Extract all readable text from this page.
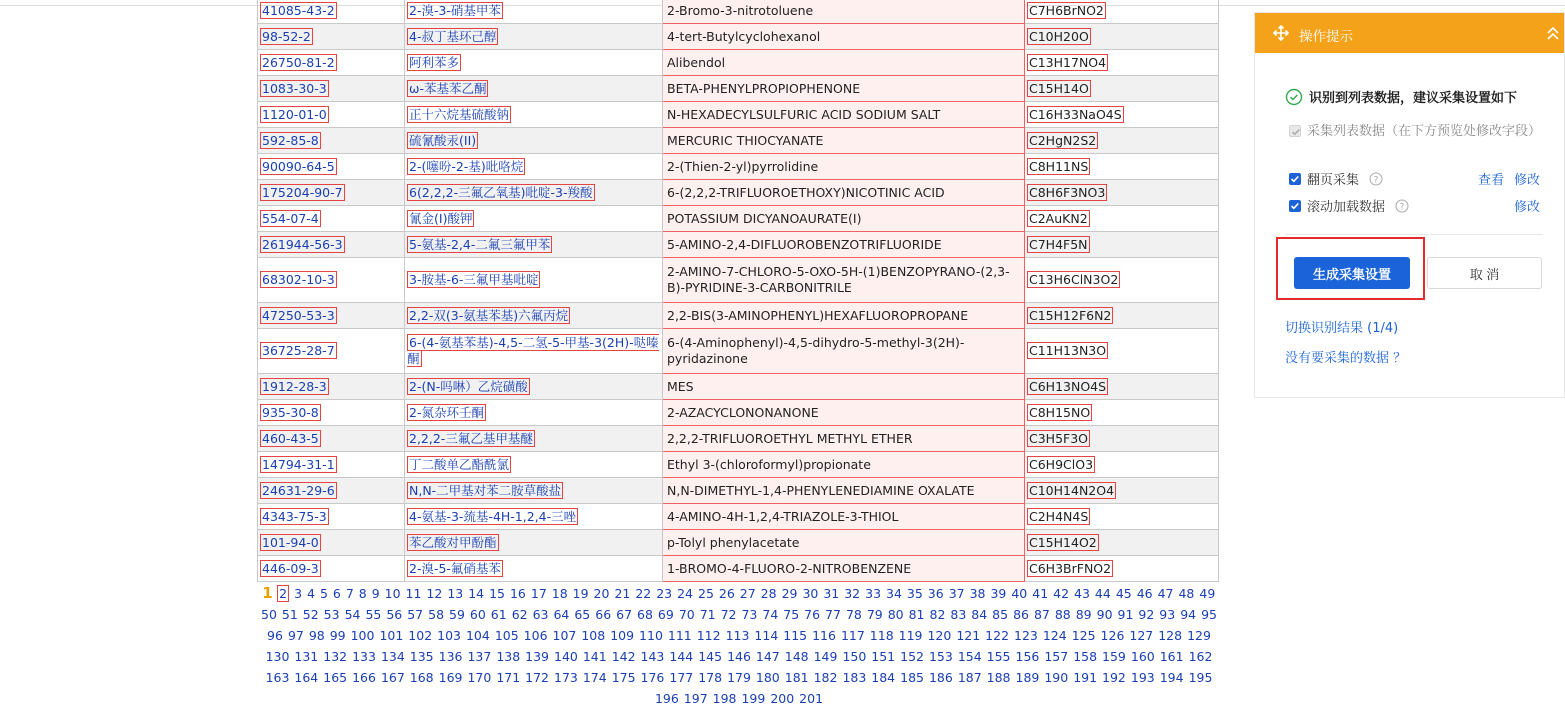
41085-43-2	2-溴-3-硝基甲苯	2-Bromo-3-nitrotoluene	C7H6BrNO2
98-52-2	4-叔丁基环己醇	4-tert-Butylcyclohexanol	C10H20O
26750-81-2	阿利苯多	Alibendol	C13H17NO4
1083-30-3	ω-苯基苯乙酮	BETA-PHENYLPROPIOPHENONE	C15H14O
1120-01-0	正十六烷基硫酸钠	N-HEXADECYLSULFURIC ACID SODIUM SALT	C16H33NaO4S
592-85-8	硫氰酸汞(II)	MERCURIC THIOCYANATE	C2HgN2S2
90090-64-5	2-(噻吩-2-基)吡咯烷	2-(Thien-2-yl)pyrrolidine	C8H11NS
175204-90-7	6(2,2,2-三氟乙氧基)吡啶-3-羧酸	6-(2,2,2-TRIFLUOROETHOXY)NICOTINIC ACID	C8H6F3NO3
554-07-4	氰金(I)酸钾	POTASSIUM DICYANOAURATE(I)	C2AuKN2
261944-56-3	5-氨基-2,4-二氟三氟甲苯	5-AMINO-2,4-DIFLUOROBENZOTRIFLUORIDE	C7H4F5N
68302-10-3	3-胺基-6-三氟甲基吡啶	2-AMINO-7-CHLORO-5-OXO-5H-(1)BENZOPYRANO-(2,3-B)-PYRIDINE-3-CARBONITRILE	C13H6ClN3O2
47250-53-3	2,2-双(3-氨基苯基)六氟丙烷	2,2-BIS(3-AMINOPHENYL)HEXAFLUOROPROPANE	C15H12F6N2
36725-28-7	6-(4-氨基苯基)-4,5-二氢-5-甲基-3(2H)-哒嗪酮	6-(4-Aminophenyl)-4,5-dihydro-5-methyl-3(2H)-pyridazinone	C11H13N3O
1912-28-3	2-(N-吗啉）乙烷磺酸	MES	C6H13NO4S
935-30-8	2-氮杂环壬酮	2-AZACYCLONONANONE	C8H15NO
460-43-5	2,2,2-三氟乙基甲基醚	2,2,2-TRIFLUOROETHYL METHYL ETHER	C3H5F3O
14794-31-1	丁二酸单乙酯酰氯	Ethyl 3-(chloroformyl)propionate	C6H9ClO3
24631-29-6	N,N-二甲基对苯二胺草酸盐	N,N-DIMETHYL-1,4-PHENYLENEDIAMINE OXALATE	C10H14N2O4
4343-75-3	4-氨基-3-巯基-4H-1,2,4-三唑	4-AMINO-4H-1,2,4-TRIAZOLE-3-THIOL	C2H4N4S
101-94-0	苯乙酸对甲酚酯	p-Tolyl phenylacetate	C15H14O2
446-09-3	2-溴-5-氟硝基苯	1-BROMO-4-FLUORO-2-NITROBENZENE	C6H3BrFNO2
1 2 3 4 5 6 7 8 9 10 11 12 13 14 15 16 17 18 19 20 21 22 23 24 25 26 27 28 29 30 31 32 33 34 35 36 37 38 39 40 41 42 43 44 45 46 47 48 49 50 51 52 53 54 55 56 57 58 59 60 61 62 63 64 65 66 67 68 69 70 71 72 73 74 75 76 77 78 79 80 81 82 83 84 85 86 87 88 89 90 91 92 93 94 95 96 97 98 99 100 101 102 103 104 105 106 107 108 109 110 111 112 113 114 115 116 117 118 119 120 121 122 123 124 125 126 127 128 129 130 131 132 133 134 135 136 137 138 139 140 141 142 143 144 145 146 147 148 149 150 151 152 153 154 155 156 157 158 159 160 161 162 163 164 165 166 167 168 169 170 171 172 173 174 175 176 177 178 179 180 181 182 183 184 185 186 187 188 189 190 191 192 193 194 195 196 197 198 199 200 201
操作提示
识别到列表数据，建议采集设置如下
采集列表数据（在下方预览处修改字段）
翻页采集 ?	查看 修改
滚动加载数据 ?	修改
切换识别结果 (1/4)
没有要采集的数据 ？
生成采集设置	取 消
